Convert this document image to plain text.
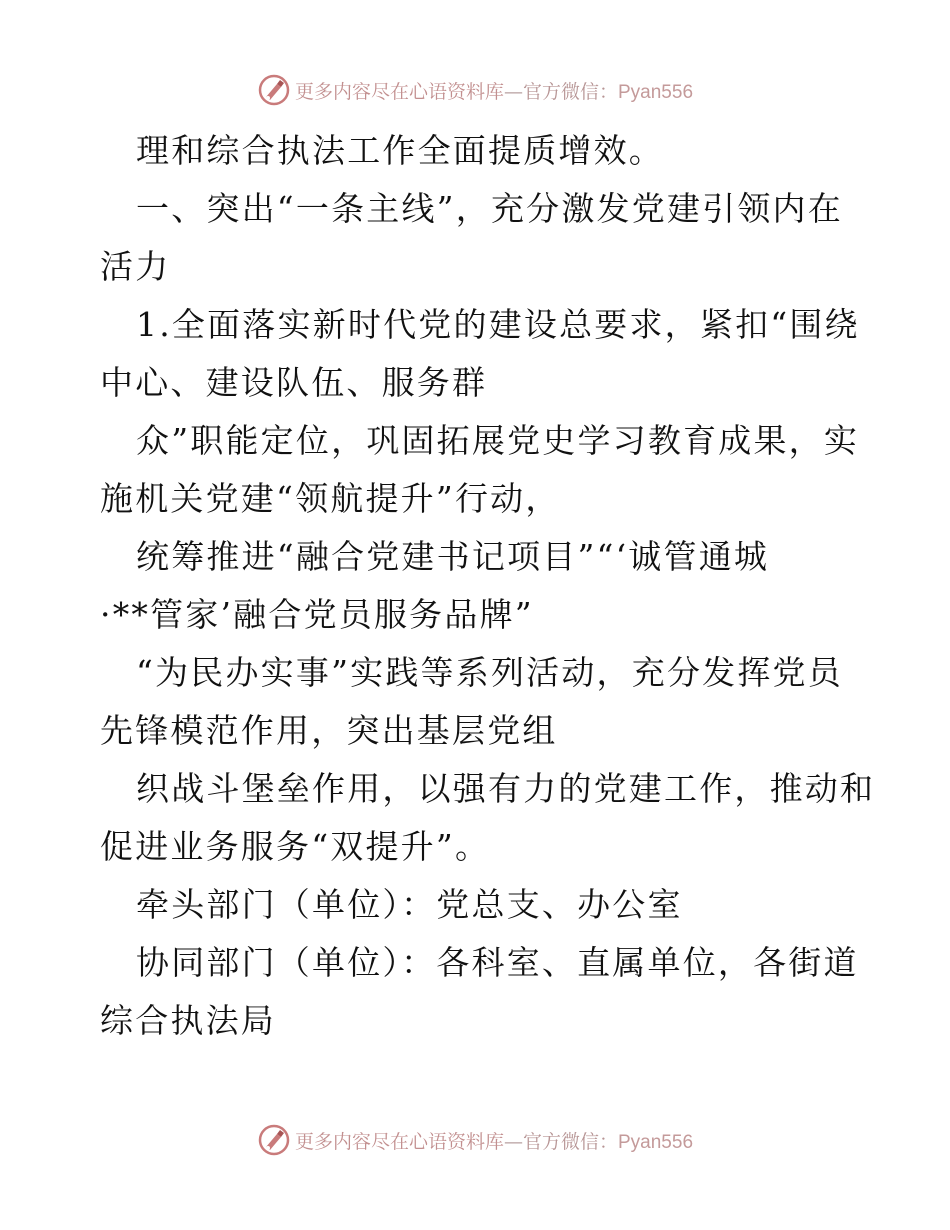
更多内容尽在心语资料库—官方微信：Pyan556
理和综合执法工作全面提质增效。
一、突出“一条主线”，充分激发党建引领内在
活力
1.全面落实新时代党的建设总要求，紧扣“围绕
中心、建设队伍、服务群
众”职能定位，巩固拓展党史学习教育成果，实
施机关党建“领航提升”行动，
统筹推进“融合党建书记项目”“‘诚管通城
·**管家’融合党员服务品牌”
“为民办实事”实践等系列活动，充分发挥党员
先锋模范作用，突出基层党组
织战斗堡垒作用，以强有力的党建工作，推动和
促进业务服务“双提升”。
牵头部门（单位）：党总支、办公室
协同部门（单位）：各科室、直属单位，各街道
综合执法局
更多内容尽在心语资料库—官方微信：Pyan556
